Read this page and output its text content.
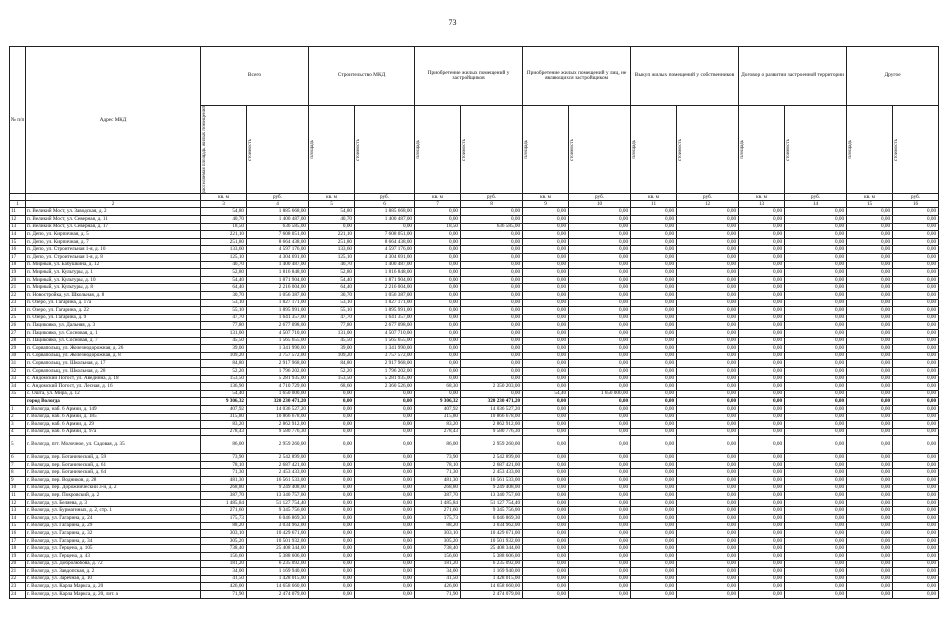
73
№ п/п	Адрес МКД	Всего		Строительство МКД		Приобретение жилых помещений у застройщиков		Приобретение жилых помещений у лиц, не являющихся застройщиком		Выкуп жилых помещений у собственников		Договор о развитии застроенной территории		Другое	

		расселяемая площадь жилых помещений	стоимость	площадь	стоимость	площадь	стоимость	площадь	стоимость	площадь	стоимость	площадь	стоимость	площадь	стоимость

		кв. м	руб.	кв. м	руб.	кв. м	руб.	кв. м	руб.	кв. м	руб.	кв. м	руб.	кв. м	руб.
1	2	3	4	5	6	7	8	9	10	11	12	13	14	15	16
11	п. Великий Мост, ул. Заводская, д. 2	54,80	1 885 668,00	54,80	1 885 668,00	0,00	0,00	0,00	0,00	0,00	0,00	0,00	0,00	0,00	0,00
12	п. Великий Мост, ул. Северная, д. 11	40,70	1 400 487,00	40,70	1 400 487,00	0,00	0,00	0,00	0,00	0,00	0,00	0,00	0,00	0,00	0,00
13	п. Великий Мост, ул. Северная, д. 17	18,50	636 585,00	0,00	0,00	18,50	636 585,00	0,00	0,00	0,00	0,00	0,00	0,00	0,00	0,00
14	п. Депо, ул. Кирпичная, д. 5	221,10	7 608 051,00	221,10	7 608 051,00	0,00	0,00	0,00	0,00	0,00	0,00	0,00	0,00	0,00	0,00
15	п. Депо, ул. Кирпичная, д. 7	251,80	8 664 438,00	251,80	8 664 438,00	0,00	0,00	0,00	0,00	0,00	0,00	0,00	0,00	0,00	0,00
16	п. Депо, ул. Строительная 1-я, д. 10	133,60	4 597 176,00	133,60	4 597 176,00	0,00	0,00	0,00	0,00	0,00	0,00	0,00	0,00	0,00	0,00
17	п. Депо, ул. Строительная 1-я, д. 8	125,10	4 304 691,00	125,10	4 304 691,00	0,00	0,00	0,00	0,00	0,00	0,00	0,00	0,00	0,00	0,00
18	п. Мирный, ул. Бабушкина, д. 12	40,70	1 400 487,00	40,70	1 400 487,00	0,00	0,00	0,00	0,00	0,00	0,00	0,00	0,00	0,00	0,00
19	п. Мирный, ул. Культуры, д. 1	52,80	1 816 848,00	52,80	1 816 848,00	0,00	0,00	0,00	0,00	0,00	0,00	0,00	0,00	0,00	0,00
20	п. Мирный, ул. Культуры, д. 10	54,40	1 871 904,00	54,40	1 871 904,00	0,00	0,00	0,00	0,00	0,00	0,00	0,00	0,00	0,00	0,00
21	п. Мирный, ул. Культуры, д. 8	64,40	2 216 004,00	64,40	2 216 004,00	0,00	0,00	0,00	0,00	0,00	0,00	0,00	0,00	0,00	0,00
22	п. Новостройка, ул. Школьная, д. 8	30,70	1 056 387,00	30,70	1 056 387,00	0,00	0,00	0,00	0,00	0,00	0,00	0,00	0,00	0,00	0,00
23	п. Озеро, ул. Гагарина, д. 17а	53,10	1 827 171,00	53,10	1 827 171,00	0,00	0,00	0,00	0,00	0,00	0,00	0,00	0,00	0,00	0,00
24	п. Озеро, ул. Гагарина, д. 22	55,10	1 895 991,00	55,10	1 895 991,00	0,00	0,00	0,00	0,00	0,00	0,00	0,00	0,00	0,00	0,00
25	п. Озеро, ул. Гагарина, д. 9	47,70	1 641 357,00	47,70	1 641 357,00	0,00	0,00	0,00	0,00	0,00	0,00	0,00	0,00	0,00	0,00
26	п. Пациковко, ул. Дальняя, д. 3	77,80	2 677 098,00	77,80	2 677 098,00	0,00	0,00	0,00	0,00	0,00	0,00	0,00	0,00	0,00	0,00
27	п. Пациковко, ул. Сосновая, д. 1	131,00	4 507 710,00	131,00	4 507 710,00	0,00	0,00	0,00	0,00	0,00	0,00	0,00	0,00	0,00	0,00
28	п. Пациковко, ул. Сосновая, д. 7	45,50	1 565 655,00	45,50	1 565 655,00	0,00	0,00	0,00	0,00	0,00	0,00	0,00	0,00	0,00	0,00
29	п. Сорвапольщ, ул. Железнодорожная, д. 26	39,00	1 341 990,00	39,00	1 341 990,00	0,00	0,00	0,00	0,00	0,00	0,00	0,00	0,00	0,00	0,00
30	п. Сорвапольщ, ул. Железнодорожная, д. 8	109,20	3 757 572,00	109,20	3 757 572,00	0,00	0,00	0,00	0,00	0,00	0,00	0,00	0,00	0,00	0,00
31	п. Сорвапольщ, ул. Школьная, д. 17	84,80	2 917 968,00	84,80	2 917 968,00	0,00	0,00	0,00	0,00	0,00	0,00	0,00	0,00	0,00	0,00
32	п. Сорвапольщ, ул. Школьная, д. 28	52,20	1 796 202,00	52,20	1 796 202,00	0,00	0,00	0,00	0,00	0,00	0,00	0,00	0,00	0,00	0,00
33	с. Андомский Погост, ул. Авединна, д. 18	153,50	5 281 935,00	153,50	5 281 935,00	0,00	0,00	0,00	0,00	0,00	0,00	0,00	0,00	0,00	0,00
34	с. Андомский Погост, ул. Лесная, д. 16	136,90	4 710 729,00	68,60	2 360 526,00	68,30	2 350 203,00	0,00	0,00	0,00	0,00	0,00	0,00	0,00	0,00
35	с. Ошта, ул. Мира, д. 12	54,40	1 650 000,00	0,00	0,00	0,00	0,00	54,40	1 650 000,00	0,00	0,00	0,00	0,00	0,00	0,00
	город Вологда	9 306,32	320 230 471,20	0,00	0,00	9 306,32	320 230 471,20	0,00	0,00	0,00	0,00	0,00	0,00	0,00	0,00
1	г. Вологда, наб. 6 Армии, д. 149	407,92	14 036 527,20	0,00	0,00	407,92	14 036 527,20	0,00	0,00	0,00	0,00	0,00	0,00	0,00	0,00
2	г. Вологда, наб. 6 Армии, д. 185	315,80	10 866 678,00	0,00	0,00	315,80	10 866 678,00	0,00	0,00	0,00	0,00	0,00	0,00	0,00	0,00
3	г. Вологда, наб. 6 Армии, д. 29	83,20	2 862 912,00	0,00	0,00	83,20	2 862 912,00	0,00	0,00	0,00	0,00	0,00	0,00	0,00	0,00
4	г. Вологда, наб. 6 Армии, д. 97а	278,43	9 580 776,30	0,00	0,00	278,43	9 580 776,30	0,00	0,00	0,00	0,00	0,00	0,00	0,00	0,00
5	г. Вологда, пгт. Молочное, ул. Садовая, д. 35	86,00	2 959 260,00	0,00	0,00	86,00	2 959 260,00	0,00	0,00	0,00	0,00	0,00	0,00	0,00	0,00
6	г. Вологда, пер. Ботанический, д. 59	73,90	2 542 899,00	0,00	0,00	73,90	2 542 899,00	0,00	0,00	0,00	0,00	0,00	0,00	0,00	0,00
7	г. Вологда, пер. Ботанический, д. 61	78,10	2 687 421,00	0,00	0,00	78,10	2 687 421,00	0,00	0,00	0,00	0,00	0,00	0,00	0,00	0,00
8	г. Вологда, пер. Ботанический, д. 64	71,30	2 453 433,00	0,00	0,00	71,30	2 453 433,00	0,00	0,00	0,00	0,00	0,00	0,00	0,00	0,00
9	г. Вологда, пер. Водников, д. 28	481,30	16 561 533,00	0,00	0,00	481,30	16 561 533,00	0,00	0,00	0,00	0,00	0,00	0,00	0,00	0,00
10	г. Вологда, пер. Дорожнический 3-й, д. 2	268,80	9 249 408,00	0,00	0,00	268,80	9 249 408,00	0,00	0,00	0,00	0,00	0,00	0,00	0,00	0,00
11	г. Вологда, пер. Покровский, д. 2	387,70	13 340 757,00	0,00	0,00	387,70	13 340 757,00	0,00	0,00	0,00	0,00	0,00	0,00	0,00	0,00
12	г. Вологда, ул. Беляева, д. 3	1 485,84	51 127 754,40	0,00	0,00	1 485,84	51 127 754,40	0,00	0,00	0,00	0,00	0,00	0,00	0,00	0,00
13	г. Вологда, ул. Бурмагиных, д. 2, стр. 1	271,60	9 345 756,00	0,00	0,00	271,60	9 345 756,00	0,00	0,00	0,00	0,00	0,00	0,00	0,00	0,00
14	г. Вологда, ул. Гагарина, д. 24	175,73	6 046 869,30	0,00	0,00	175,73	6 046 869,30	0,00	0,00	0,00	0,00	0,00	0,00	0,00	0,00
15	г. Вологда, ул. Гагарина, д. 29	88,20	3 034 962,00	0,00	0,00	88,20	3 034 962,00	0,00	0,00	0,00	0,00	0,00	0,00	0,00	0,00
16	г. Вологда, ул. Гагарина, д. 32	303,10	10 429 671,00	0,00	0,00	303,10	10 429 671,00	0,00	0,00	0,00	0,00	0,00	0,00	0,00	0,00
17	г. Вологда, ул. Гагарина, д. 34	305,20	10 501 932,00	0,00	0,00	305,20	10 501 932,00	0,00	0,00	0,00	0,00	0,00	0,00	0,00	0,00
18	г. Вологда, ул. Герцена, д. 105	738,40	25 408 344,00	0,00	0,00	738,40	25 408 344,00	0,00	0,00	0,00	0,00	0,00	0,00	0,00	0,00
19	г. Вологда, ул. Герцена, д. 43	156,60	5 388 606,00	0,00	0,00	156,60	5 388 606,00	0,00	0,00	0,00	0,00	0,00	0,00	0,00	0,00
20	г. Вологда, ул. Добролюбова, д. 72	181,20	6 235 092,00	0,00	0,00	181,20	6 235 092,00	0,00	0,00	0,00	0,00	0,00	0,00	0,00	0,00
21	г. Вологда, ул. Завдопская, д. 2	34,00	1 169 940,00	0,00	0,00	34,00	1 169 940,00	0,00	0,00	0,00	0,00	0,00	0,00	0,00	0,00
22	г. Вологда, ул. Заречная, д. 10	41,50	1 428 015,00	0,00	0,00	41,50	1 428 015,00	0,00	0,00	0,00	0,00	0,00	0,00	0,00	0,00
23	г. Вологда, ул. Карла Маркса, д. 20	426,00	14 658 660,00	0,00	0,00	426,00	14 658 660,00	0,00	0,00	0,00	0,00	0,00	0,00	0,00	0,00
24	г. Вологда, ул. Карла Маркса, д. 20, лит. а	71,90	2 474 079,00	0,00	0,00	71,90	2 474 079,00	0,00	0,00	0,00	0,00	0,00	0,00	0,00	0,00
